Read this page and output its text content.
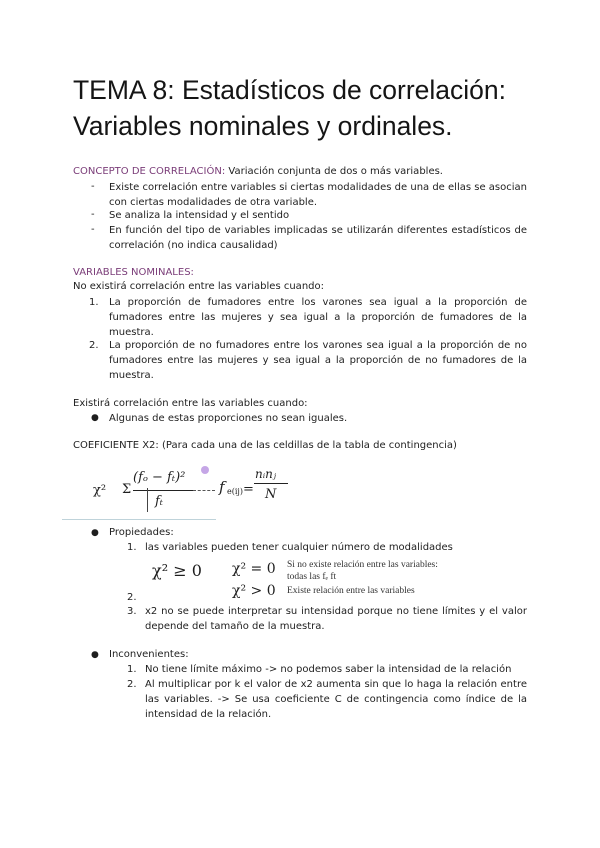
TEMA 8: Estadísticos de correlación: Variables nominales y ordinales.
CONCEPTO DE CORRELACIÓN: Variación conjunta de dos o más variables.
- Existe correlación entre variables si ciertas modalidades de una de ellas se asocian con ciertas modalidades de otra variable.
- Se analiza la intensidad y el sentido
- En función del tipo de variables implicadas se utilizarán diferentes estadísticos de correlación (no indica causalidad)
VARIABLES NOMINALES:
No existirá correlación entre las variables cuando:
1. La proporción de fumadores entre los varones sea igual a la proporción de fumadores entre las mujeres y sea igual a la proporción de fumadores de la muestra.
2. La proporción de no fumadores entre los varones sea igual a la proporción de no fumadores entre las mujeres y sea igual a la proporción de no fumadores de la muestra.
Existirá correlación entre las variables cuando:
● Algunas de estas proporciones no sean iguales.
COEFICIENTE X2: (Para cada una de las celdillas de la tabla de contingencia)
χ² Σ
(fₒ − fₜ)²
fₜ
f e(ij) =
nᵢnⱼ
N
● Propiedades:
1. las variables pueden tener cualquier número de modalidades
χ² ≥ 0 χ² = 0 Si no existe relación entre las variables:
todas las fₑ ft
χ² > 0 Existe relación entre las variables
2.
3. x2 no se puede interpretar su intensidad porque no tiene límites y el valor depende del tamaño de la muestra.
● Inconvenientes:
1. No tiene límite máximo -> no podemos saber la intensidad de la relación
2. Al multiplicar por k el valor de x2 aumenta sin que lo haga la relación entre las variables. -> Se usa coeficiente C de contingencia como índice de la intensidad de la relación.
